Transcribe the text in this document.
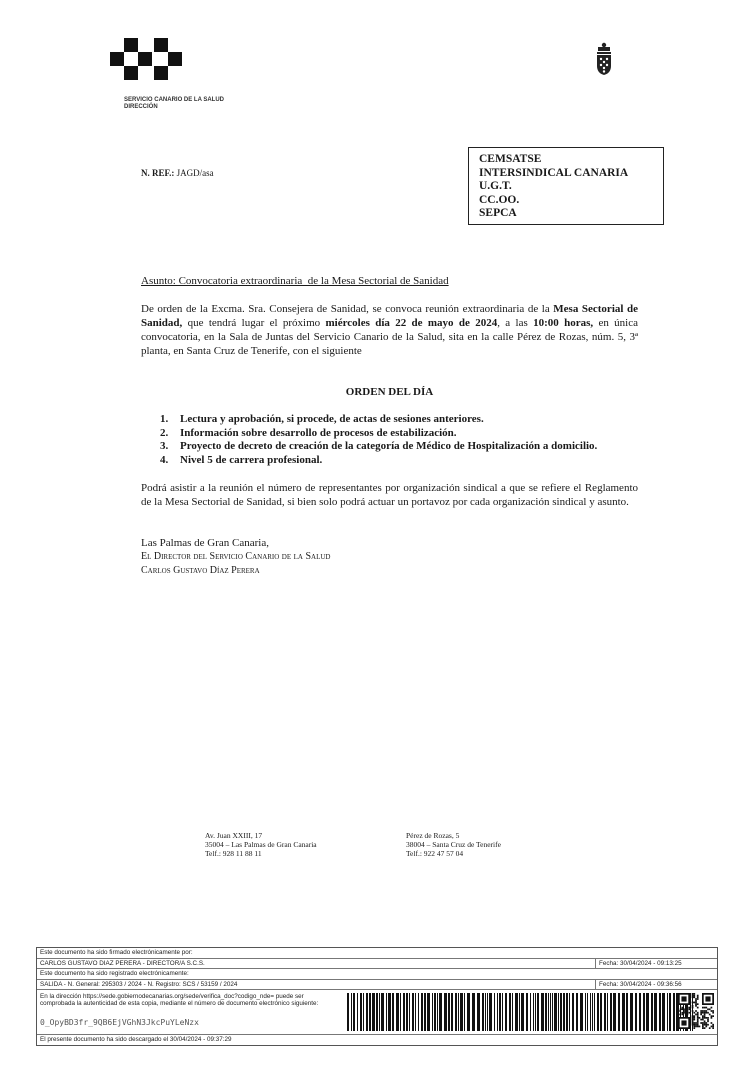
SERVICIO CANARIO DE LA SALUD
DIRECCIÓN
N. REF.: JAGD/asa
CEMSATSE
INTERSINDICAL CANARIA
U.G.T.
CC.OO.
SEPCA
Asunto: Convocatoria extraordinaria  de la Mesa Sectorial de Sanidad
De orden de la Excma. Sra. Consejera de Sanidad, se convoca reunión extraordinaria de la Mesa Sectorial de Sanidad, que tendrá lugar el próximo miércoles día 22 de mayo de 2024, a las 10:00 horas, en única convocatoria, en la Sala de Juntas del Servicio Canario de la Salud, sita en la calle Pérez de Rozas, núm. 5, 3ª planta, en Santa Cruz de Tenerife, con el siguiente
ORDEN DEL DÍA
1.	Lectura y aprobación, si procede, de actas de sesiones anteriores.
2.	Información sobre desarrollo de procesos de estabilización.
3.	Proyecto de decreto de creación de la categoría de Médico de Hospitalización a domicilio.
4.	Nivel 5 de carrera profesional.
Podrá asistir a la reunión el número de representantes por organización sindical a que se refiere el Reglamento de la Mesa Sectorial de Sanidad, si bien solo podrá actuar un portavoz por cada organización sindical y asunto.
Las Palmas de Gran Canaria,
El Director del Servicio Canario de la Salud
Carlos Gustavo Díaz Perera
Av. Juan XXIII, 17
35004 – Las Palmas de Gran Canaria
Telf.: 928 11 88 11
Pérez de Rozas, 5
38004 – Santa Cruz de Tenerife
Telf.: 922 47 57 04
Este documento ha sido firmado electrónicamente por:
CARLOS GUSTAVO DIAZ PERERA - DIRECTOR/A S.C.S.	Fecha: 30/04/2024 - 09:13:25
Este documento ha sido registrado electrónicamente:
SALIDA - N. General: 295303 / 2024 - N. Registro: SCS / 53159 / 2024	Fecha: 30/04/2024 - 09:36:56
En la dirección https://sede.gobiernodecanarias.org/sede/verifica_doc?codigo_nde= puede ser comprobada la autenticidad de esta copia, mediante el número de documento electrónico siguiente:
0_OpyBD3fr_9QB6EjVGhN3JkcPuYLeNzx
El presente documento ha sido descargado el 30/04/2024 - 09:37:29
